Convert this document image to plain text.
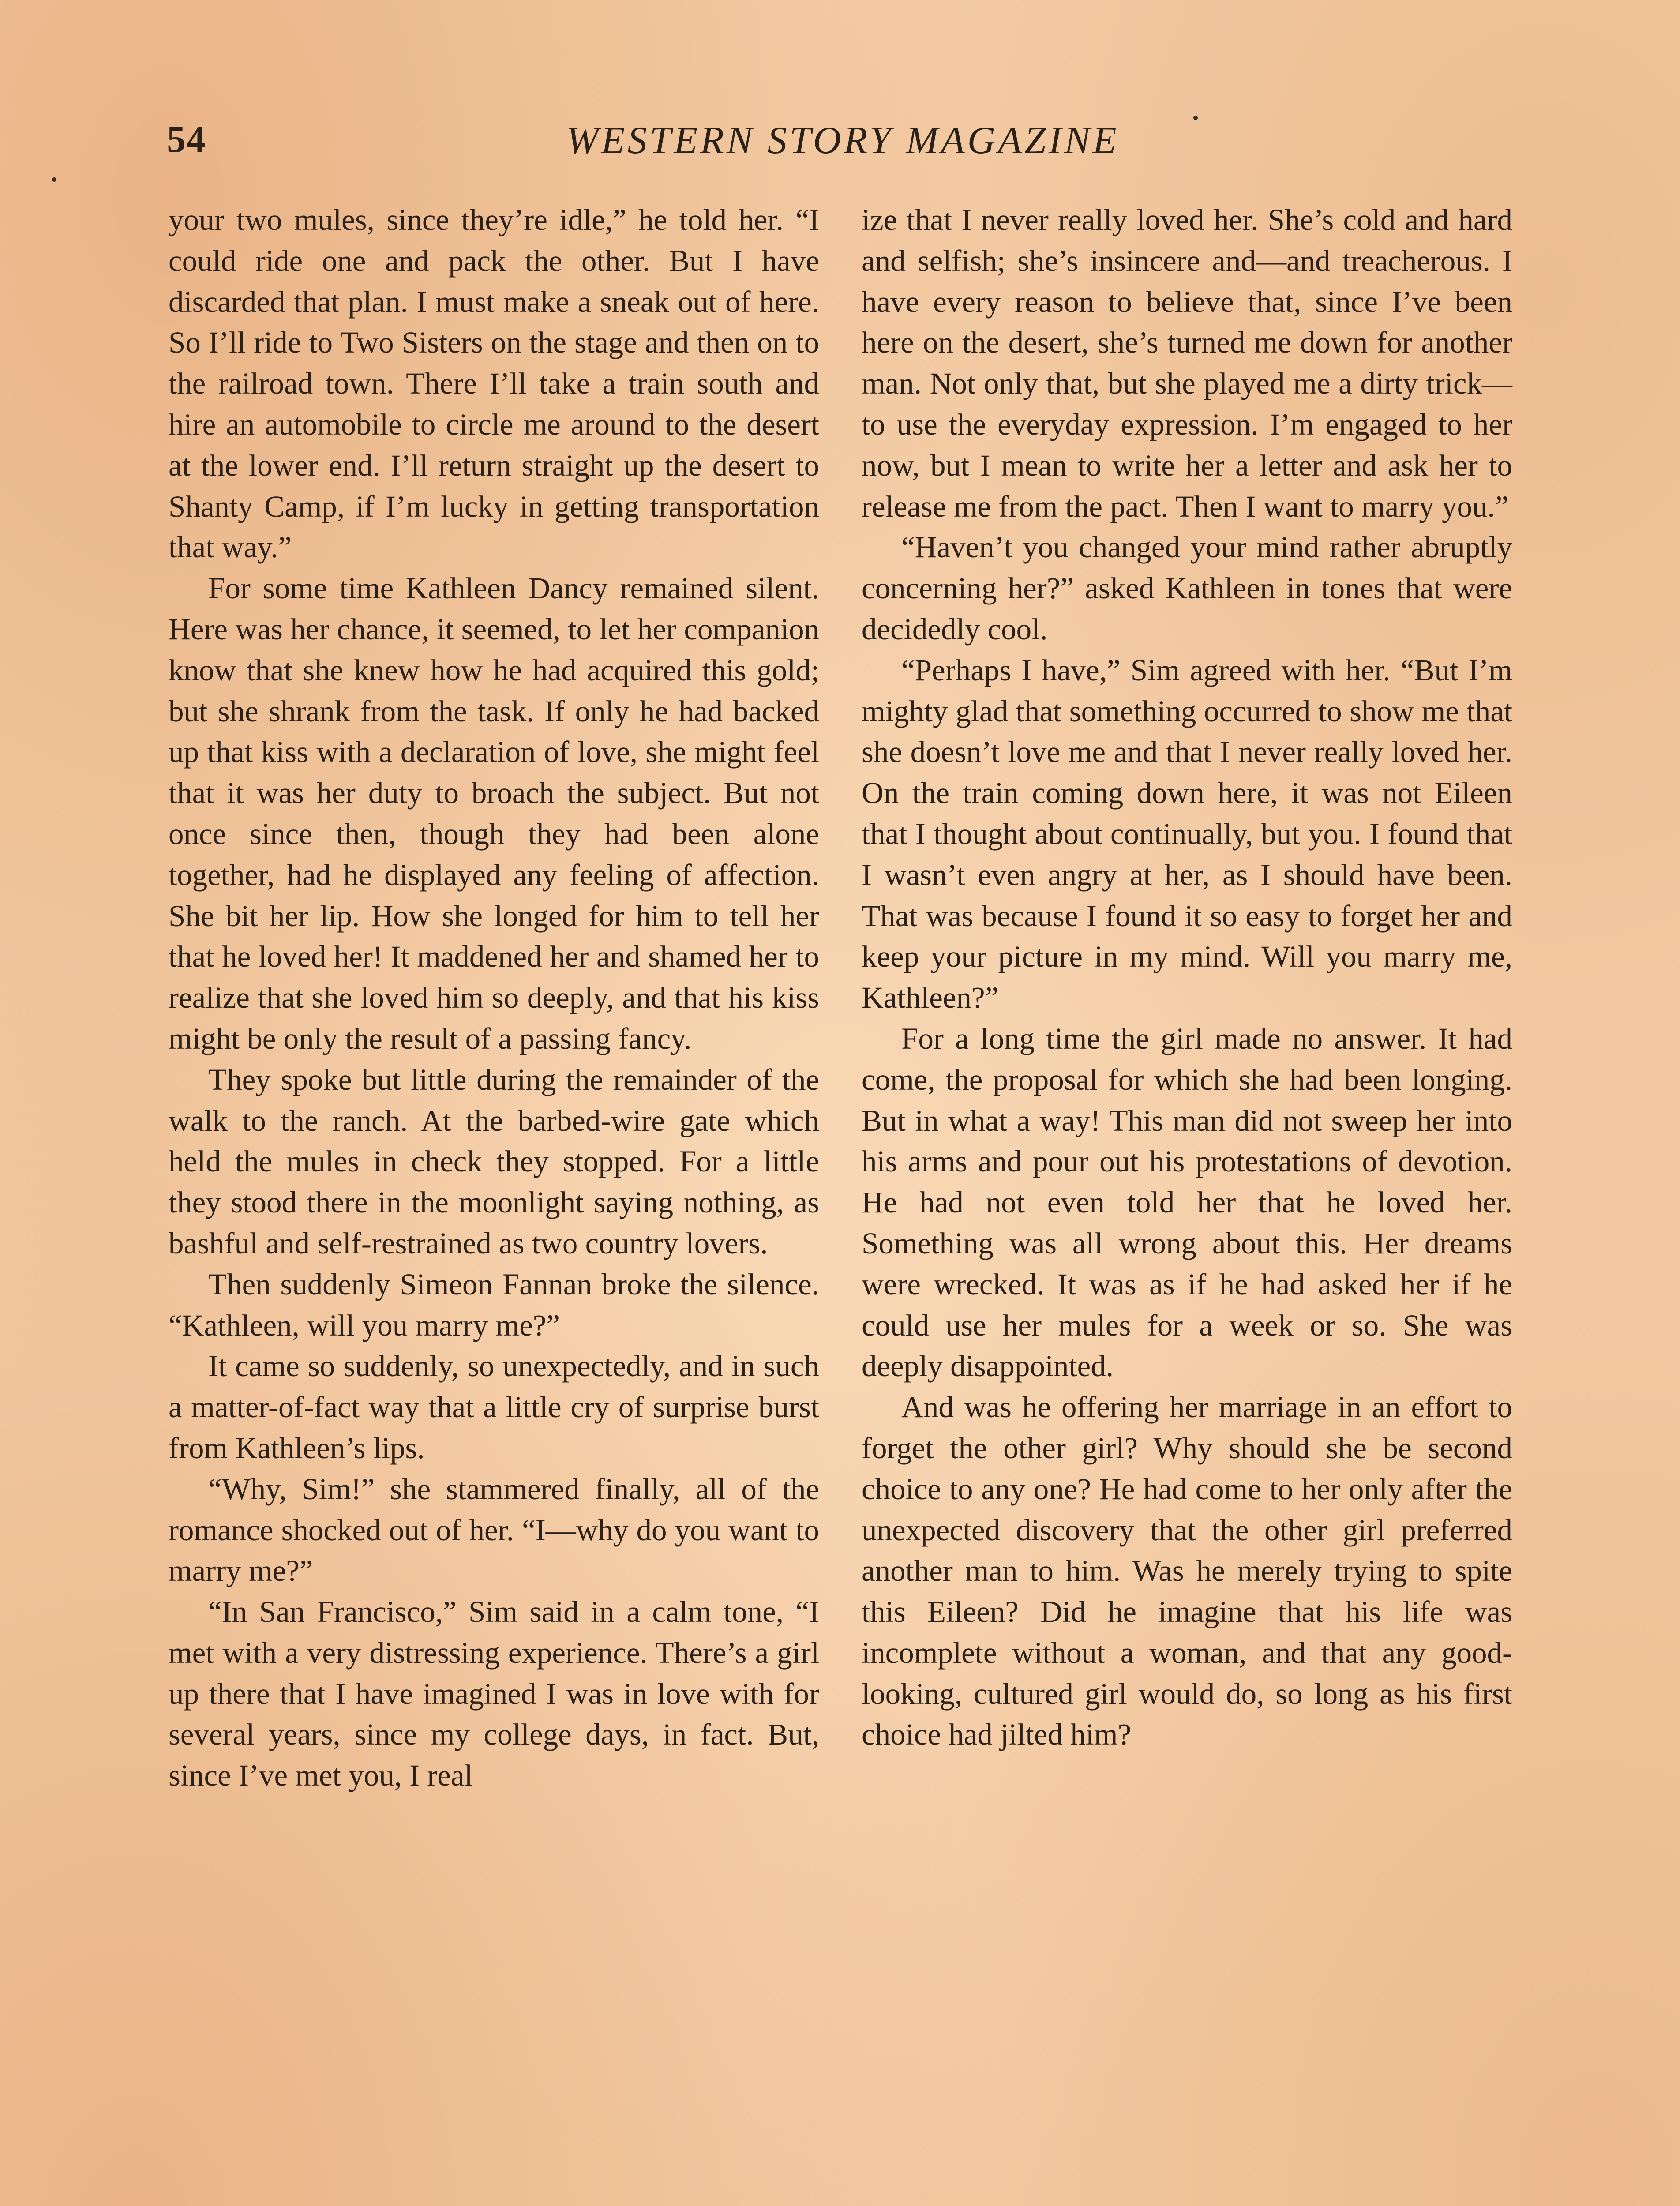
54	WESTERN STORY MAGAZINE

your two mules, since they’re idle,” he told her. “I could ride one and pack the other. But I have discarded that plan. I must make a sneak out of here. So I’ll ride to Two Sisters on the stage and then on to the railroad town. There I’ll take a train south and hire an automobile to circle me around to the desert at the lower end. I’ll return straight up the desert to Shanty Camp, if I’m lucky in getting transportation that way.”

For some time Kathleen Dancy remained silent. Here was her chance, it seemed, to let her companion know that she knew how he had acquired this gold; but she shrank from the task. If only he had backed up that kiss with a declaration of love, she might feel that it was her duty to broach the subject. But not once since then, though they had been alone together, had he displayed any feeling of affection. She bit her lip. How she longed for him to tell her that he loved her! It maddened her and shamed her to realize that she loved him so deeply, and that his kiss might be only the result of a passing fancy.

They spoke but little during the remainder of the walk to the ranch. At the barbed-wire gate which held the mules in check they stopped. For a little they stood there in the moonlight saying nothing, as bashful and self-restrained as two country lovers.

Then suddenly Simeon Fannan broke the silence. “Kathleen, will you marry me?”

It came so suddenly, so unexpectedly, and in such a matter-of-fact way that a little cry of surprise burst from Kathleen’s lips.

“Why, Sim!” she stammered finally, all of the romance shocked out of her. “I—why do you want to marry me?”

“In San Francisco,” Sim said in a calm tone, “I met with a very distressing experience. There’s a girl up there that I have imagined I was in love with for several years, since my college days, in fact. But, since I’ve met you, I real

ize that I never really loved her. She’s cold and hard and selfish; she’s insincere and—and treacherous. I have every reason to believe that, since I’ve been here on the desert, she’s turned me down for another man. Not only that, but she played me a dirty trick—to use the everyday expression. I’m engaged to her now, but I mean to write her a letter and ask her to release me from the pact. Then I want to marry you.”

“Haven’t you changed your mind rather abruptly concerning her?” asked Kathleen in tones that were decidedly cool.

“Perhaps I have,” Sim agreed with her. “But I’m mighty glad that something occurred to show me that she doesn’t love me and that I never really loved her. On the train coming down here, it was not Eileen that I thought about continually, but you. I found that I wasn’t even angry at her, as I should have been. That was because I found it so easy to forget her and keep your picture in my mind. Will you marry me, Kathleen?”

For a long time the girl made no answer. It had come, the proposal for which she had been longing. But in what a way! This man did not sweep her into his arms and pour out his protestations of devotion. He had not even told her that he loved her. Something was all wrong about this. Her dreams were wrecked. It was as if he had asked her if he could use her mules for a week or so. She was deeply disappointed.

And was he offering her marriage in an effort to forget the other girl? Why should she be second choice to any one? He had come to her only after the unexpected discovery that the other girl preferred another man to him. Was he merely trying to spite this Eileen? Did he imagine that his life was incomplete without a woman, and that any goodlooking, cultured girl would do, so long as his first choice had jilted him?
